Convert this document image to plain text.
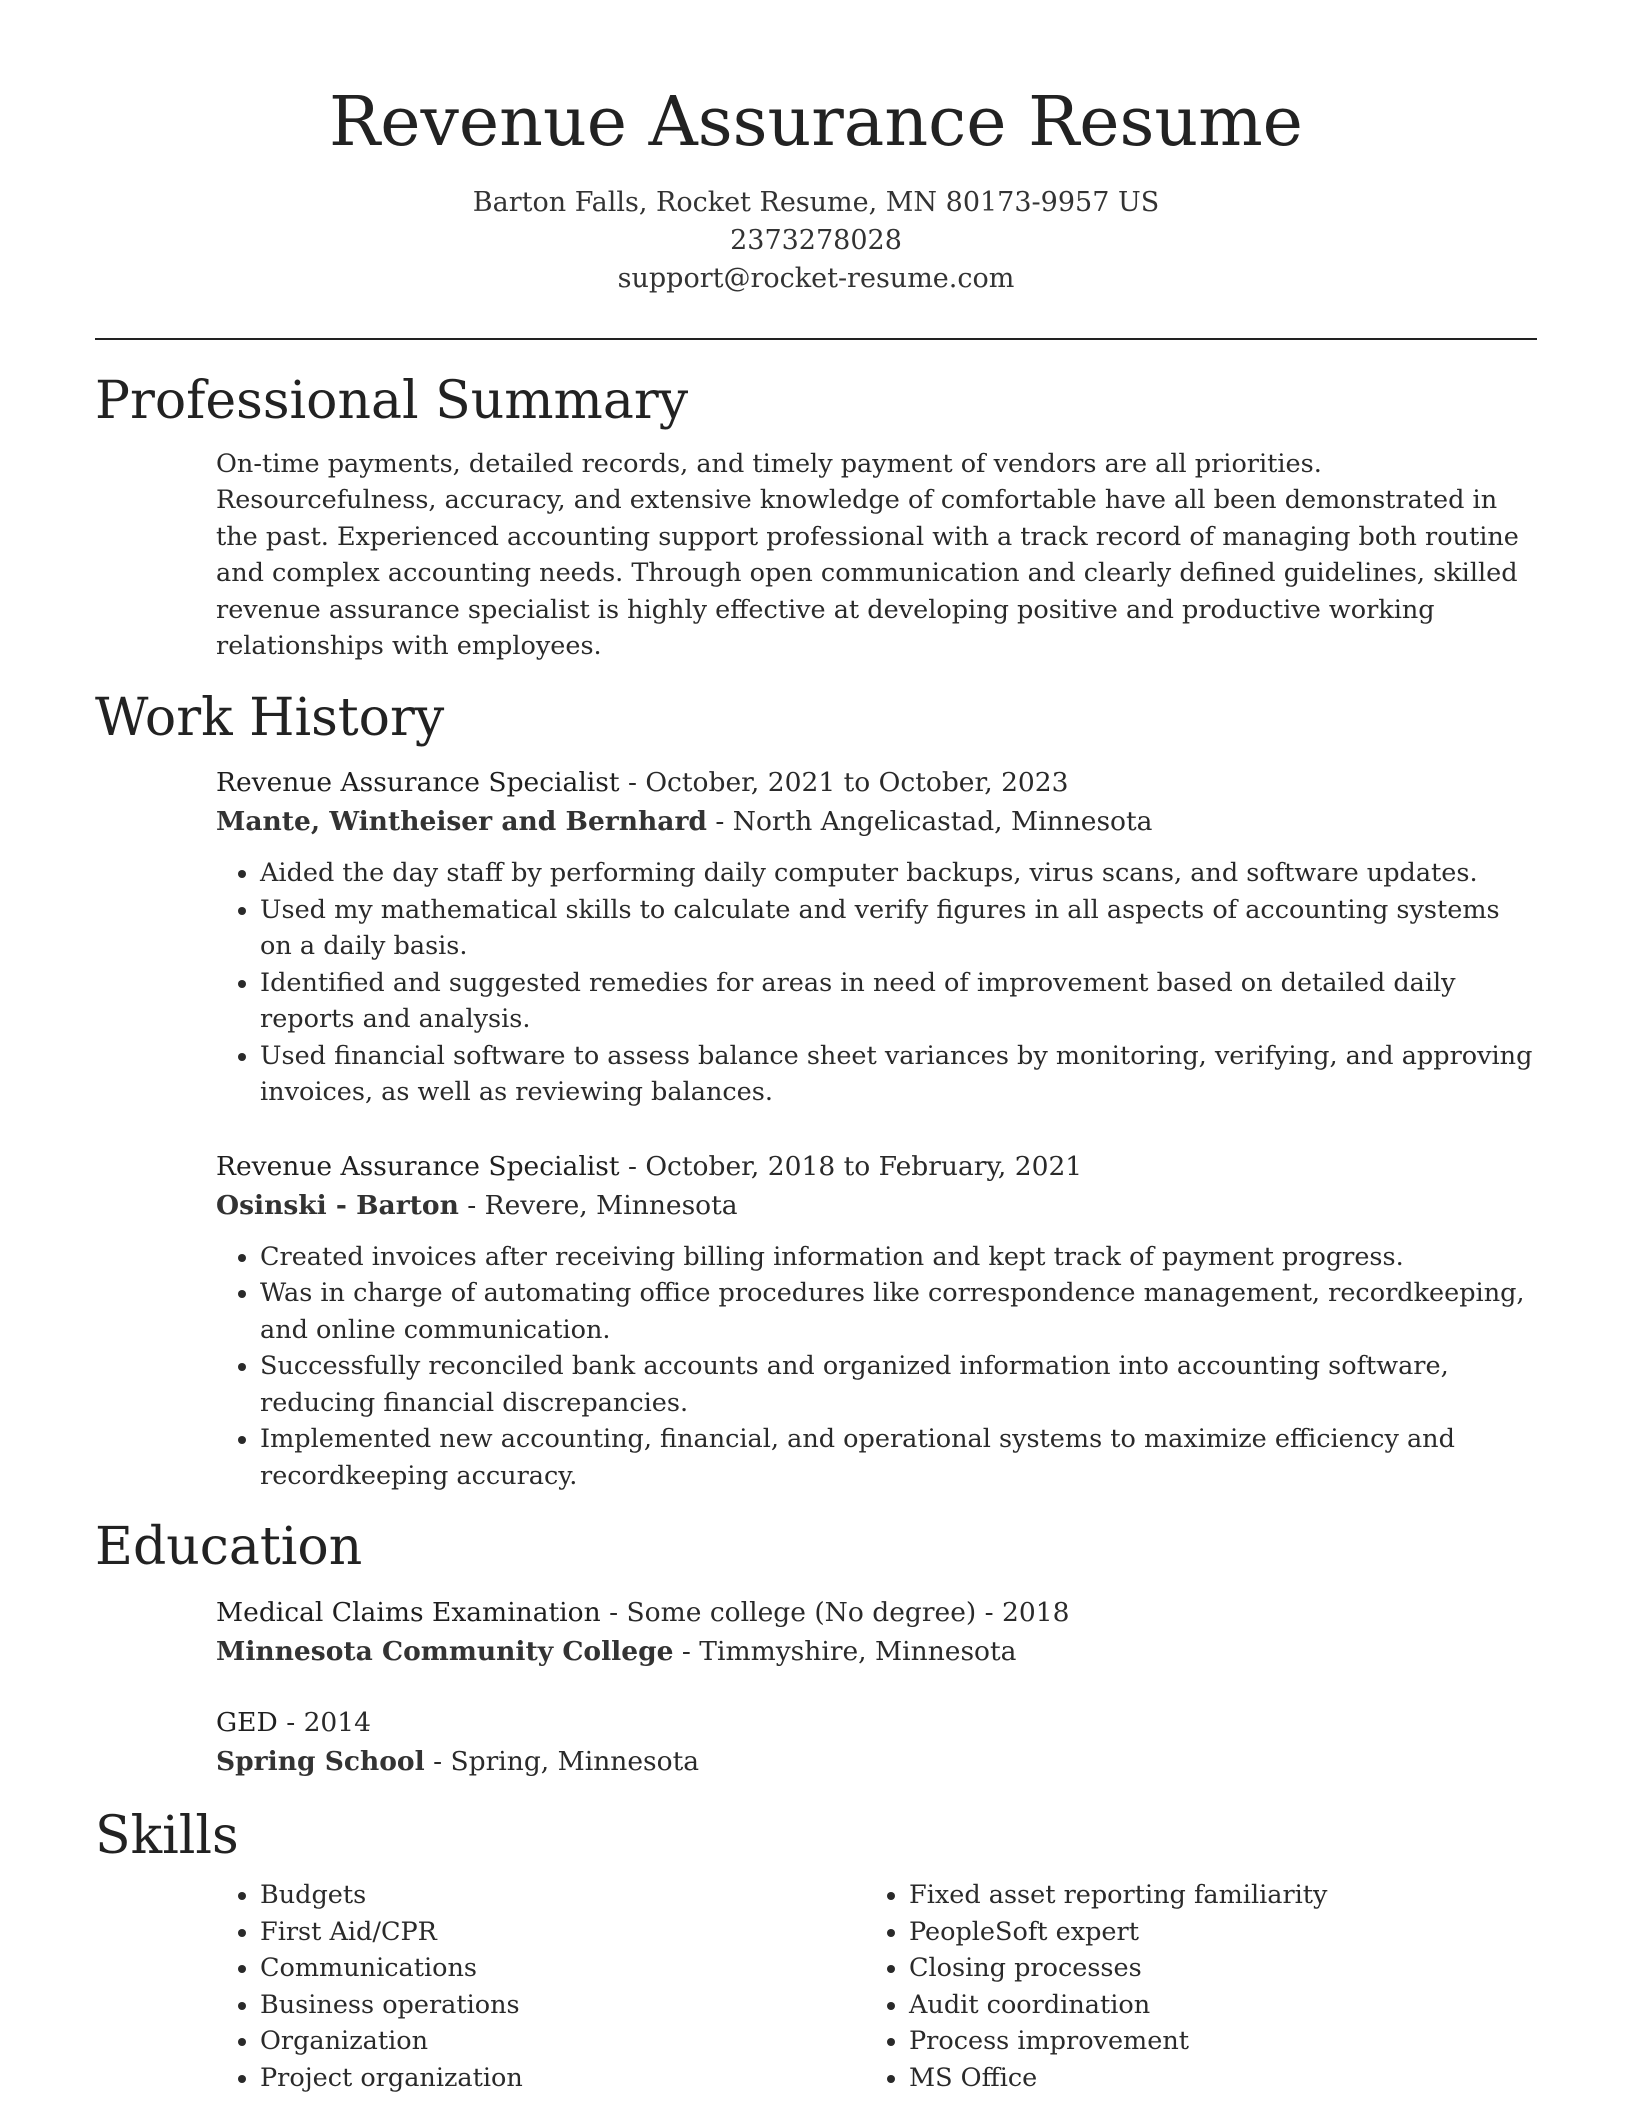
Revenue Assurance Resume
Barton Falls, Rocket Resume, MN 80173-9957 US
2373278028
support@rocket-resume.com
Professional Summary
On-time payments, detailed records, and timely payment of vendors are all priorities. Resourcefulness, accuracy, and extensive knowledge of comfortable have all been demonstrated in the past. Experienced accounting support professional with a track record of managing both routine and complex accounting needs. Through open communication and clearly defined guidelines, skilled revenue assurance specialist is highly effective at developing positive and productive working relationships with employees.
Work History
Revenue Assurance Specialist - October, 2021 to October, 2023
Mante, Wintheiser and Bernhard - North Angelicastad, Minnesota
• Aided the day staff by performing daily computer backups, virus scans, and software updates.
• Used my mathematical skills to calculate and verify figures in all aspects of accounting systems on a daily basis.
• Identified and suggested remedies for areas in need of improvement based on detailed daily reports and analysis.
• Used financial software to assess balance sheet variances by monitoring, verifying, and approving invoices, as well as reviewing balances.
Revenue Assurance Specialist - October, 2018 to February, 2021
Osinski - Barton - Revere, Minnesota
• Created invoices after receiving billing information and kept track of payment progress.
• Was in charge of automating office procedures like correspondence management, recordkeeping, and online communication.
• Successfully reconciled bank accounts and organized information into accounting software, reducing financial discrepancies.
• Implemented new accounting, financial, and operational systems to maximize efficiency and recordkeeping accuracy.
Education
Medical Claims Examination - Some college (No degree) - 2018
Minnesota Community College - Timmyshire, Minnesota
GED - 2014
Spring School - Spring, Minnesota
Skills
• Budgets
• First Aid/CPR
• Communications
• Business operations
• Organization
• Project organization
• Fixed asset reporting familiarity
• PeopleSoft expert
• Closing processes
• Audit coordination
• Process improvement
• MS Office
